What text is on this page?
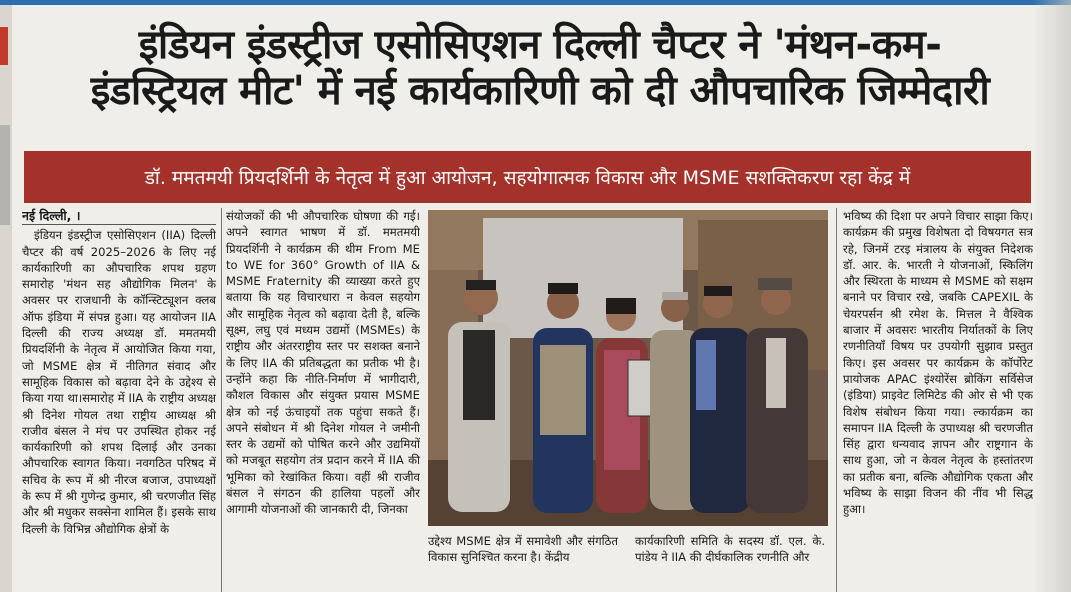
इंडियन इंडस्ट्रीज एसोसिएशन दिल्ली चैप्टर ने 'मंथन-कम-
इंडस्ट्रियल मीट' में नई कार्यकारिणी को दी औपचारिक जिम्मेदारी
डॉ. ममतमयी प्रियदर्शिनी के नेतृत्व में हुआ आयोजन, सहयोगात्मक विकास और MSME सशक्तिकरण रहा केंद्र में
नई दिल्ली, ।

इंडियन इंडस्ट्रीज एसोसिएशन (IIA) दिल्ली चैप्टर की वर्ष 2025–2026 के लिए नई कार्यकारिणी का औपचारिक शपथ ग्रहण समारोह 'मंथन सह औद्योगिक मिलन' के अवसर पर राजधानी के कॉन्स्टिट्यूशन क्लब ऑफ इंडिया में संपन्न हुआ। यह आयोजन IIA दिल्ली की राज्य अध्यक्ष डॉ. ममतमयी प्रियदर्शिनी के नेतृत्व में आयोजित किया गया, जो MSME क्षेत्र में नीतिगत संवाद और सामूहिक विकास को बढ़ावा देने के उद्देश्य से किया गया था।समारोह में IIA के राष्ट्रीय अध्यक्ष श्री दिनेश गोयल तथा राष्ट्रीय आध्यक्ष श्री राजीव बंसल ने मंच पर उपस्थित होकर नई कार्यकारिणी को शपथ दिलाई और उनका औपचारिक स्वागत किया। नवगठित परिषद में सचिव के रूप में श्री नीरज बजाज, उपाध्यक्षों के रूप में श्री गुणेन्द्र कुमार, श्री चरणजीत सिंह और श्री मधुकर सक्सेना शामिल हैं। इसके साथ दिल्ली के विभिन्न औद्योगिक क्षेत्रों के

संयोजकों की भी औपचारिक घोषणा की गई।अपने स्वागत भाषण में डॉ. ममतमयी प्रियदर्शिनी ने कार्यक्रम की थीम From ME to WE for 360° Growth of IIA & MSME Fraternity की व्याख्या करते हुए बताया कि यह विचारधारा न केवल सहयोग और सामूहिक नेतृत्व को बढ़ावा देती है, बल्कि सूक्ष्म, लघु एवं मध्यम उद्यमों (MSMEs) के राष्ट्रीय और अंतरराष्ट्रीय स्तर पर सशक्त बनाने के लिए IIA की प्रतिबद्धता का प्रतीक भी है। उन्होंने कहा कि नीति-निर्माण में भागीदारी, कौशल विकास और संयुक्त प्रयास MSME क्षेत्र को नई ऊंचाइयों तक पहुंचा सकते हैं। अपने संबोधन में श्री दिनेश गोयल ने जमीनी स्तर के उद्यमों को पोषित करने और उद्यमियों को मजबूत सहयोग तंत्र प्रदान करने में IIA की भूमिका को रेखांकित किया। वहीं श्री राजीव बंसल ने संगठन की हालिया पहलों और आगामी योजनाओं की जानकारी दी, जिनका

उद्देश्य MSME क्षेत्र में समावेशी और संगठित विकास सुनिश्चित करना है। केंद्रीय
कार्यकारिणी समिति के सदस्य डॉ. एल. के. पांडेय ने IIA की दीर्घकालिक रणनीति और

भविष्य की दिशा पर अपने विचार साझा किए।कार्यक्रम की प्रमुख विशेषता दो विषयगत सत्र रहे, जिनमें टरइ मंत्रालय के संयुक्त निदेशक डॉ. आर. के. भारती ने योजनाओं, स्किलिंग और स्थिरता के माध्यम से MSME को सक्षम बनाने पर विचार रखे, जबकि CAPEXIL के चेयरपर्सन श्री रमेश के. मित्तल ने वैश्विक बाजार में अवसरः भारतीय निर्यातकों के लिए रणनीतियाँ विषय पर उपयोगी सुझाव प्रस्तुत किए। इस अवसर पर कार्यक्रम के कॉर्पोरेट प्रायोजक APAC इंश्योरेंस ब्रोकिंग सर्विसेज (इंडिया) प्राइवेट लिमिटेड की ओर से भी एक विशेष संबोधन किया गया। ल्कार्यक्रम का समापन IIA दिल्ली के उपाध्यक्ष श्री चरणजीत सिंह द्वारा धन्यवाद ज्ञापन और राष्ट्रगान के साथ हुआ, जो न केवल नेतृत्व के हस्तांतरण का प्रतीक बना, बल्कि औद्योगिक एकता और भविष्य के साझा विजन की नींव भी सिद्ध हुआ।
